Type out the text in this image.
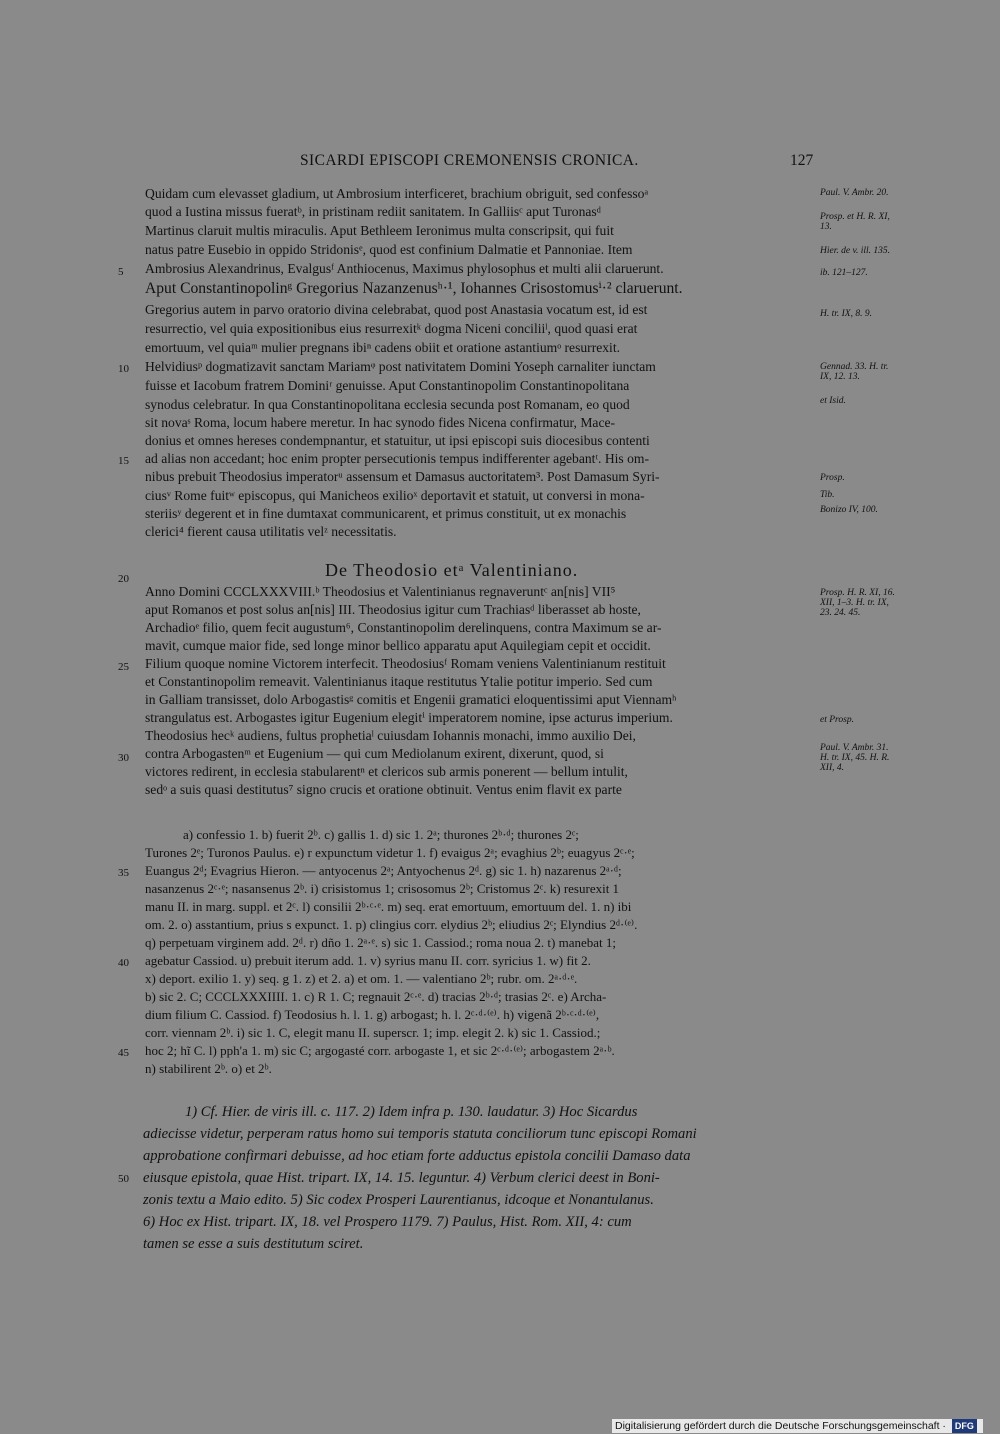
SICARDI EPISCOPI CREMONENSIS CRONICA.	127
Quidam cum elevasset gladium, ut Ambrosium interficeret, brachium obriguit, sed confessoᵃ
quod a Iustina missus fueratᵇ, in pristinam rediit sanitatem. In Galliisᶜ aput Turonasᵈ
Martinus claruit multis miraculis. Aput Bethleem Ieronimus multa conscripsit, qui fuit
natus patre Eusebio in oppido Stridonisᵉ, quod est confinium Dalmatie et Pannoniae. Item
Ambrosius Alexandrinus, Evalgusᶠ Anthiocenus, Maximus phylosophus et multi alii claruerunt.
Aput Constantinopolinᵍ Gregorius Nazanzenusʰ·¹, Iohannes Crisostomusⁱ·² claruerunt.
Gregorius autem in parvo oratorio divina celebrabat, quod post Anastasia vocatum est, id est
resurrectio, vel quia expositionibus eius resurrexitᵏ dogma Niceni conciliiˡ, quod quasi erat
emortuum, vel quiaᵐ mulier pregnans ibiⁿ cadens obiit et oratione astantiumᵒ resurrexit.
Helvidiusᵖ dogmatizavit sanctam Mariamᵠ post nativitatem Domini Yoseph carnaliter iunctam
fuisse et Iacobum fratrem Dominiʳ genuisse. Aput Constantinopolim Constantinopolitana
synodus celebratur. In qua Constantinopolitana ecclesia secunda post Romanam, eo quod
sit novaˢ Roma, locum habere meretur. In hac synodo fides Nicena confirmatur, Mace-
donius et omnes hereses condempnantur, et statuitur, ut ipsi episcopi suis diocesibus contenti
ad alias non accedant; hoc enim propter persecutionis tempus indifferenter agebantᵗ. His om-
nibus prebuit Theodosius imperatorᵘ assensum et Damasus auctoritatem³. Post Damasum Syri-
ciusᵛ Rome fuitʷ episcopus, qui Manicheos exilioˣ deportavit et statuit, ut conversi in mona-
steriisʸ degerent et in fine dumtaxat communicarent, et primus constituit, ut ex monachis
clerici⁴ fierent causa utilitatis velᶻ necessitatis.
5
10
15
20
25
30
35
40
45
50
Paul. V. Ambr. 20.
Prosp. et H. R. XI, 13.
Hier. de v. ill. 135.
ib. 121–127.
H. tr. IX, 8. 9.
Gennad. 33. H. tr. IX, 12. 13.
et Isid.
Prosp.
Tib.
Bonizo IV, 100.
Prosp. H. R. XI, 16. XII, 1–3. H. tr. IX, 23. 24. 45.
et Prosp.
Paul. V. Ambr. 31. H. tr. IX, 45. H. R. XII, 4.
De Theodosio etᵃ Valentiniano.
Anno Domini CCCLXXXVIII.ᵇ Theodosius et Valentinianus regnaveruntᶜ an[nis] VII⁵
aput Romanos et post solus an[nis] III. Theodosius igitur cum Trachiasᵈ liberasset ab hoste,
Archadioᵉ filio, quem fecit augustum⁶, Constantinopolim derelinquens, contra Maximum se ar-
mavit, cumque maior fide, sed longe minor bellico apparatu aput Aquilegiam cepit et occidit.
Filium quoque nomine Victorem interfecit. Theodosiusᶠ Romam veniens Valentinianum restituit
et Constantinopolim remeavit. Valentinianus itaque restitutus Ytalie potitur imperio. Sed cum
in Galliam transisset, dolo Arbogastisᵍ comitis et Engenii gramatici eloquentissimi aput Viennamʰ
strangulatus est. Arbogastes igitur Eugenium elegitⁱ imperatorem nomine, ipse acturus imperium.
Theodosius hecᵏ audiens, fultus prophetiaˡ cuiusdam Iohannis monachi, immo auxilio Dei,
contra Arbogastenᵐ et Eugenium — qui cum Mediolanum exirent, dixerunt, quod, si
victores redirent, in ecclesia stabularentⁿ et clericos sub armis ponerent — bellum intulit,
sedᵒ a suis quasi destitutus⁷ signo crucis et oratione obtinuit. Ventus enim flavit ex parte
a) confessio 1. b) fuerit 2ᵇ. c) gallis 1. d) sic 1. 2ᵃ; thurones 2ᵇ·ᵈ; thurones 2ᶜ;
Turones 2ᵉ; Turonos Paulus. e) r expunctum videtur 1. f) evaigus 2ᵃ; evaghius 2ᵇ; euagyus 2ᶜ·ᵉ;
Euangus 2ᵈ; Evagrius Hieron. — antyocenus 2ᵃ; Antyochenus 2ᵈ. g) sic 1. h) nazarenus 2ᵃ·ᵈ;
nasanzenus 2ᶜ·ᵉ; nasansenus 2ᵇ. i) crisistomus 1; crisosomus 2ᵇ; Cristomus 2ᶜ. k) resurexit 1
manu II. in marg. suppl. et 2ᶜ. l) consilii 2ᵇ·ᶜ·ᵉ. m) seq. erat emortuum, emortuum del. 1. n) ibi
om. 2. o) asstantium, prius s expunct. 1. p) clingius corr. elydius 2ᵇ; eliudius 2ᶜ; Elyndius 2ᵈ·⁽ᵉ⁾.
q) perpetuam virginem add. 2ᵈ. r) dño 1. 2ᵃ·ᵉ. s) sic 1. Cassiod.; roma noua 2. t) manebat 1;
agebatur Cassiod. u) prebuit iterum add. 1. v) syrius manu II. corr. syricius 1. w) fit 2.
x) deport. exilio 1. y) seq. g 1. z) et 2. a) et om. 1. — valentiano 2ᵇ; rubr. om. 2ᵃ·ᵈ·ᵉ.
b) sic 2. C; CCCLXXXIIII. 1. c) R 1. C; regnauit 2ᶜ·ᵉ. d) tracias 2ᵇ·ᵈ; trasias 2ᶜ. e) Archa-
dium filium C. Cassiod. f) Teodosius h. l. 1. g) arbogast; h. l. 2ᶜ·ᵈ·⁽ᵉ⁾. h) vigenã 2ᵇ·ᶜ·ᵈ·⁽ᵉ⁾,
corr. viennam 2ᵇ. i) sic 1. C, elegit manu II. superscr. 1; imp. elegit 2. k) sic 1. Cassiod.;
hoc 2; hĩ C. l) pph'a 1. m) sic C; argogasté corr. arbogaste 1, et sic 2ᶜ·ᵈ·⁽ᵉ⁾; arbogastem 2ᵃ·ᵇ.
n) stabilirent 2ᵇ. o) et 2ᵇ.
1) Cf. Hier. de viris ill. c. 117. 2) Idem infra p. 130. laudatur. 3) Hoc Sicardus
adiecisse videtur, perperam ratus homo sui temporis statuta conciliorum tunc episcopi Romani
approbatione confirmari debuisse, ad hoc etiam forte adductus epistola concilii Damaso data
eiusque epistola, quae Hist. tripart. IX, 14. 15. leguntur. 4) Verbum clerici deest in Boni-
zonis textu a Maio edito. 5) Sic codex Prosperi Laurentianus, idcoque et Nonantulanus.
6) Hoc ex Hist. tripart. IX, 18. vel Prospero 1179. 7) Paulus, Hist. Rom. XII, 4: cum
tamen se esse a suis destitutum sciret.
Digitalisierung gefördert durch die Deutsche Forschungsgemeinschaft · DFG
